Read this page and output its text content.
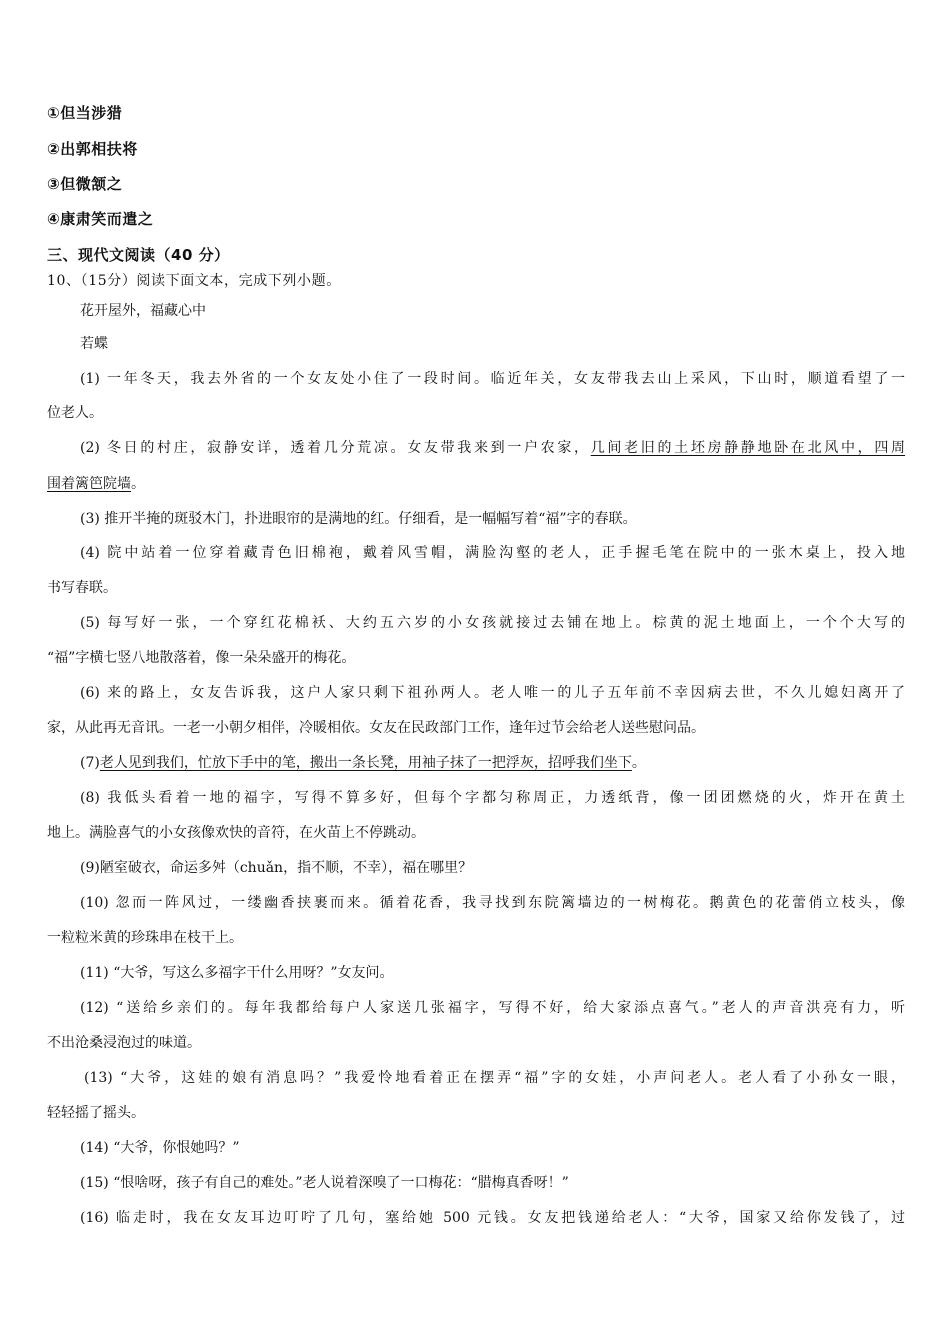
①但当涉猎
②出郭相扶将
③但微颔之
④康肃笑而遣之
三、现代文阅读（40 分）
10、（15分）阅读下面文本，完成下列小题。
花开屋外，福藏心中
若蝶
(1) 一年冬天，我去外省的一个女友处小住了一段时间。临近年关，女友带我去山上采风，下山时，顺道看望了一
位老人。
(2) 冬日的村庄，寂静安详，透着几分荒凉。女友带我来到一户农家，几间老旧的土坯房静静地卧在北风中，四周
围着篱笆院墙。
(3) 推开半掩的斑驳木门，扑进眼帘的是满地的红。仔细看，是一幅幅写着“福”字的春联。
(4) 院中站着一位穿着藏青色旧棉袍，戴着风雪帽，满脸沟壑的老人，正手握毛笔在院中的一张木桌上，投入地
书写春联。
(5) 每写好一张，一个穿红花棉袄、大约五六岁的小女孩就接过去铺在地上。棕黄的泥土地面上，一个个大写的
“福”字横七竖八地散落着，像一朵朵盛开的梅花。
(6) 来的路上，女友告诉我，这户人家只剩下祖孙两人。老人唯一的儿子五年前不幸因病去世，不久儿媳妇离开了
家，从此再无音讯。一老一小朝夕相伴，冷暖相依。女友在民政部门工作，逢年过节会给老人送些慰问品。
(7)老人见到我们，忙放下手中的笔，搬出一条长凳，用袖子抹了一把浮灰，招呼我们坐下。
(8) 我低头看着一地的福字，写得不算多好，但每个字都匀称周正，力透纸背，像一团团燃烧的火，炸开在黄土
地上。满脸喜气的小女孩像欢快的音符，在火苗上不停跳动。
(9)陋室破衣，命运多舛（chuǎn，指不顺，不幸），福在哪里？
(10) 忽而一阵风过，一缕幽香挟裹而来。循着花香，我寻找到东院篱墙边的一树梅花。鹅黄色的花蕾俏立枝头，像
一粒粒米黄的珍珠串在枝干上。
(11) “大爷，写这么多福字干什么用呀？”女友问。
(12) “送给乡亲们的。每年我都给每户人家送几张福字，写得不好，给大家添点喜气。”老人的声音洪亮有力，听
不出沧桑浸泡过的味道。
(13) “大爷，这娃的娘有消息吗？”我爱怜地看着正在摆弄“福”字的女娃，小声问老人。老人看了小孙女一眼，
轻轻摇了摇头。
(14) “大爷，你恨她吗？”
(15) “恨啥呀，孩子有自己的难处。”老人说着深嗅了一口梅花：“腊梅真香呀！”
(16) 临走时，我在女友耳边叮咛了几句，塞给她 500 元钱。女友把钱递给老人：“大爷，国家又给你发钱了，过
